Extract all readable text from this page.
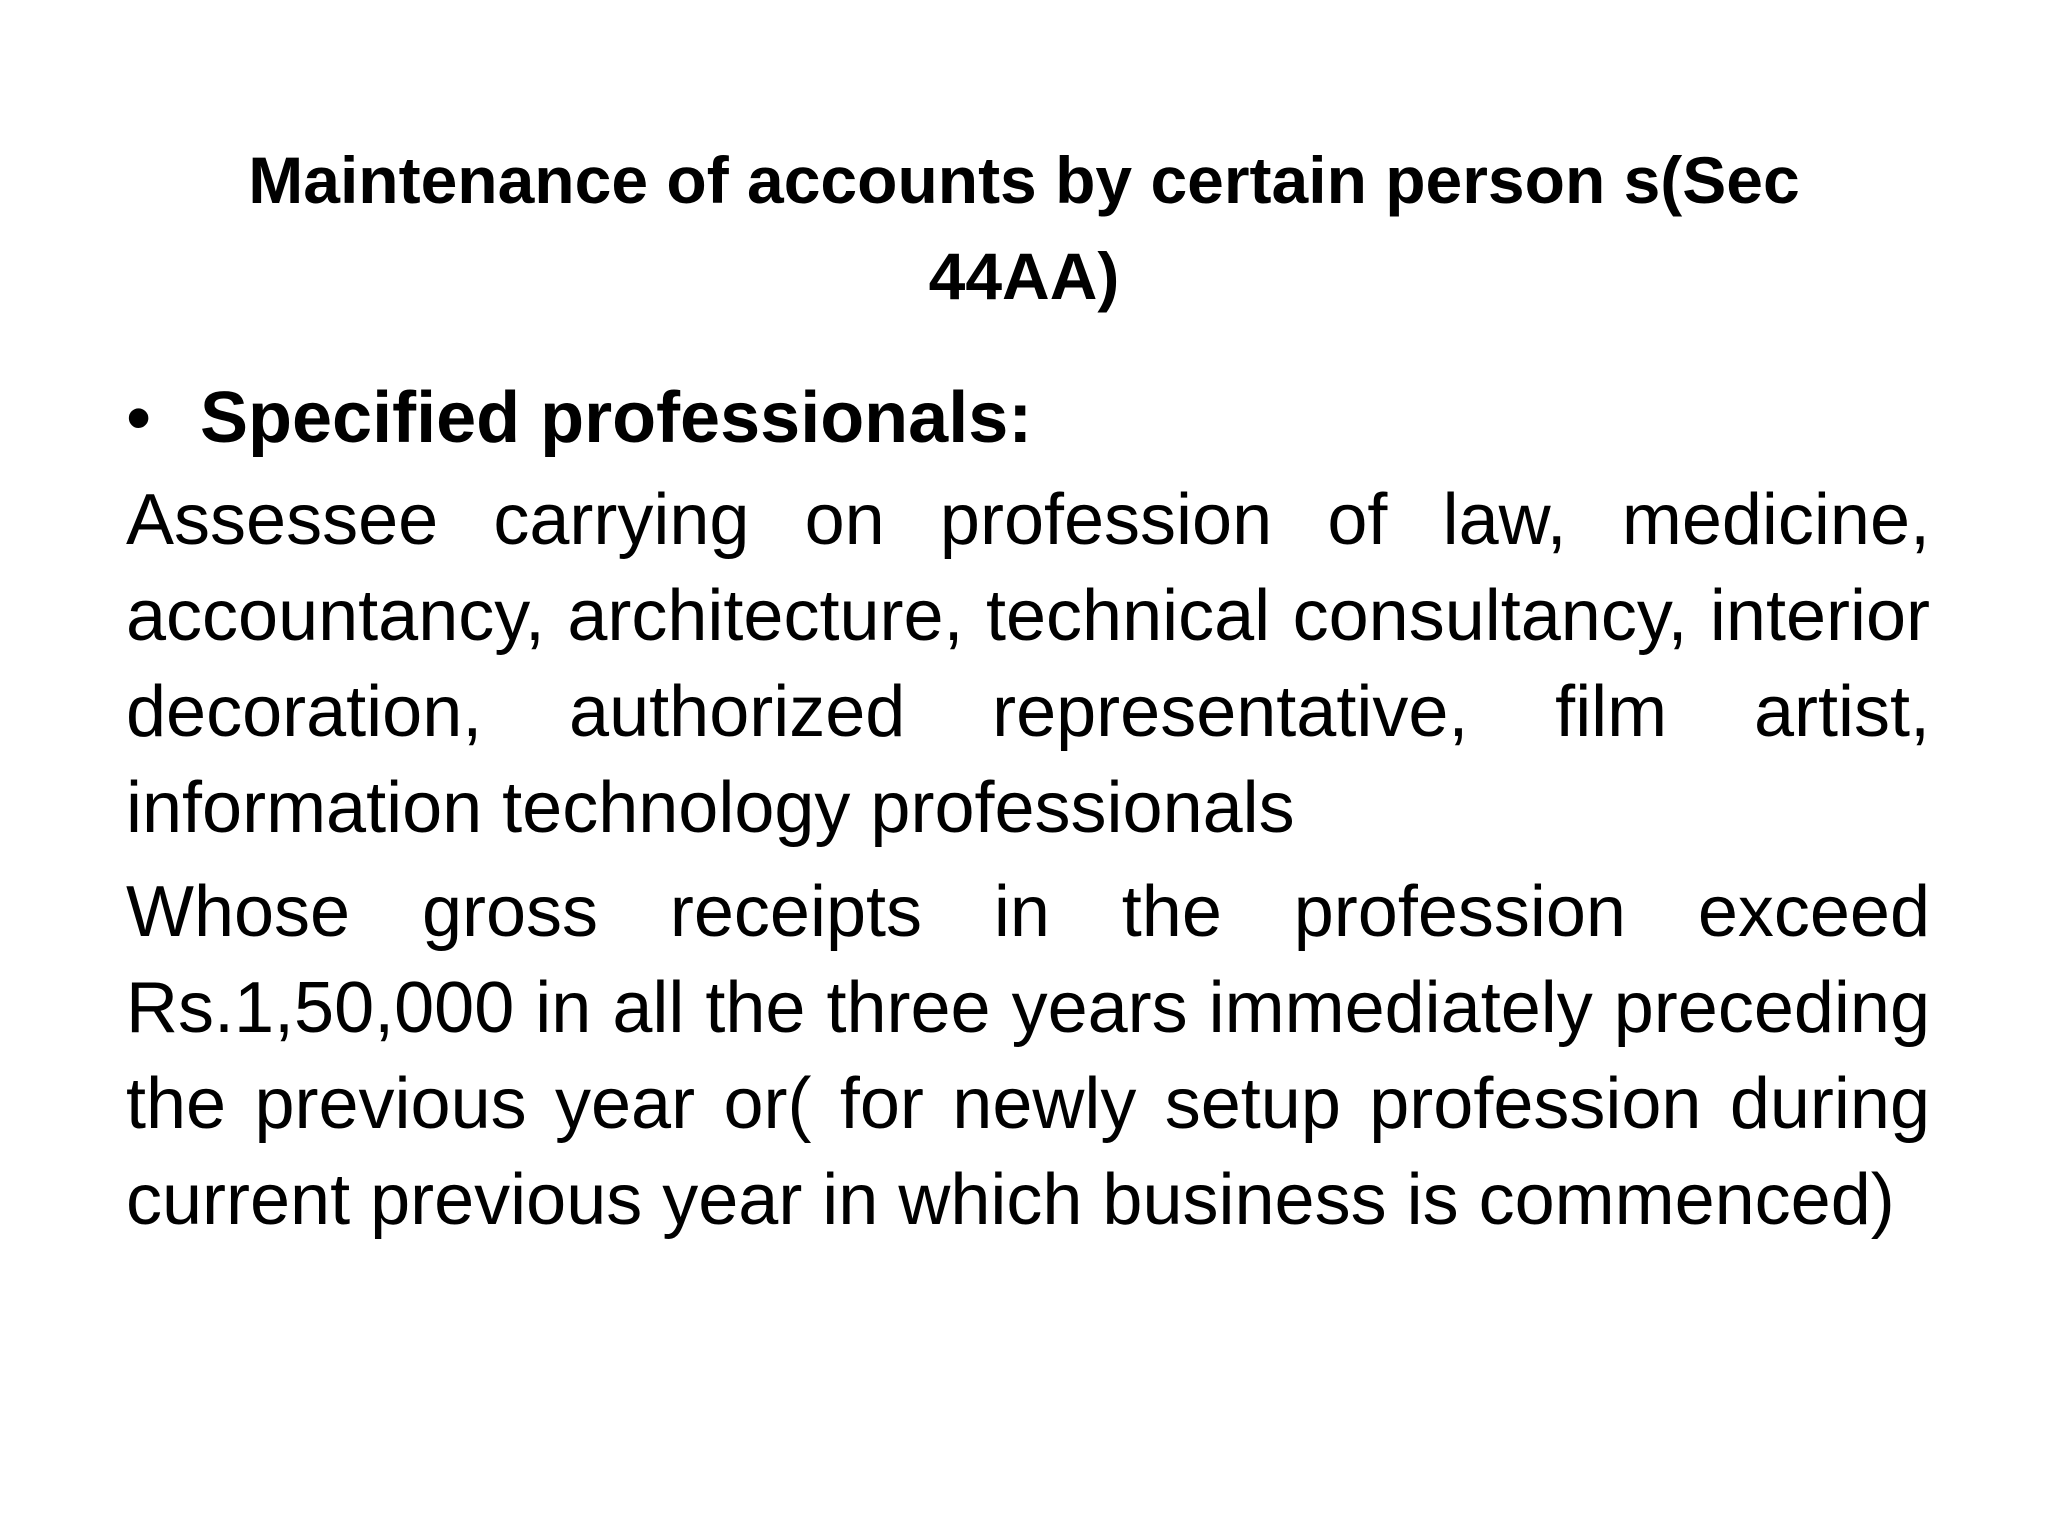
Maintenance of accounts by certain person s(Sec 44AA)
• Specified professionals:

Assessee carrying on profession of law, medicine, accountancy, architecture, technical consultancy, interior decoration, authorized representative, film artist, information technology professionals

Whose gross receipts in the profession exceed Rs.1,50,000 in all the three years immediately preceding the previous year or( for newly setup profession during current previous year in which business is commenced)
